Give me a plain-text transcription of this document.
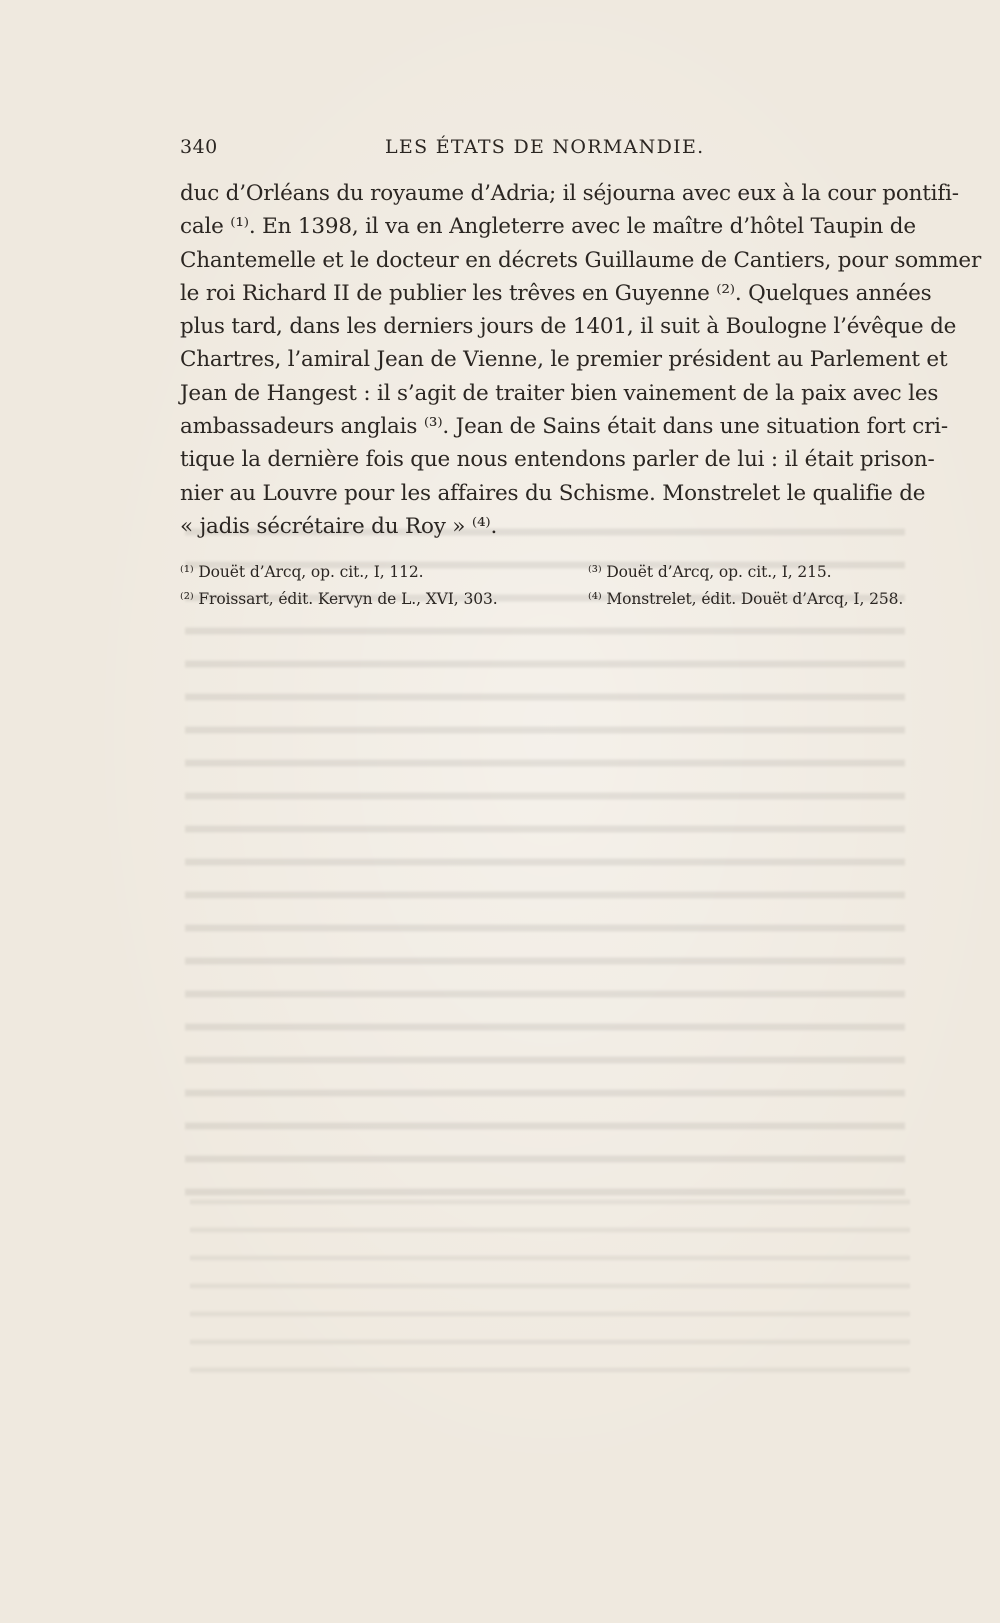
340	LES ÉTATS DE NORMANDIE.
duc d’Orléans du royaume d’Adria; il séjourna avec eux à la cour pontifi-
cale ⁽¹⁾. En 1398, il va en Angleterre avec le maître d’hôtel Taupin de
Chantemelle et le docteur en décrets Guillaume de Cantiers, pour sommer
le roi Richard II de publier les trêves en Guyenne ⁽²⁾. Quelques années
plus tard, dans les derniers jours de 1401, il suit à Boulogne l’évêque de
Chartres, l’amiral Jean de Vienne, le premier président au Parlement et
Jean de Hangest : il s’agit de traiter bien vainement de la paix avec les
ambassadeurs anglais ⁽³⁾. Jean de Sains était dans une situation fort cri-
tique la dernière fois que nous entendons parler de lui : il était prison-
nier au Louvre pour les affaires du Schisme. Monstrelet le qualifie de
« jadis sécrétaire du Roy » ⁽⁴⁾.
⁽¹⁾ Douët d’Arcq, op. cit., I, 112.
⁽²⁾ Froissart, édit. Kervyn de L., XVI, 303.
⁽³⁾ Douët d’Arcq, op. cit., I, 215.
⁽⁴⁾ Monstrelet, édit. Douët d’Arcq, I, 258.
